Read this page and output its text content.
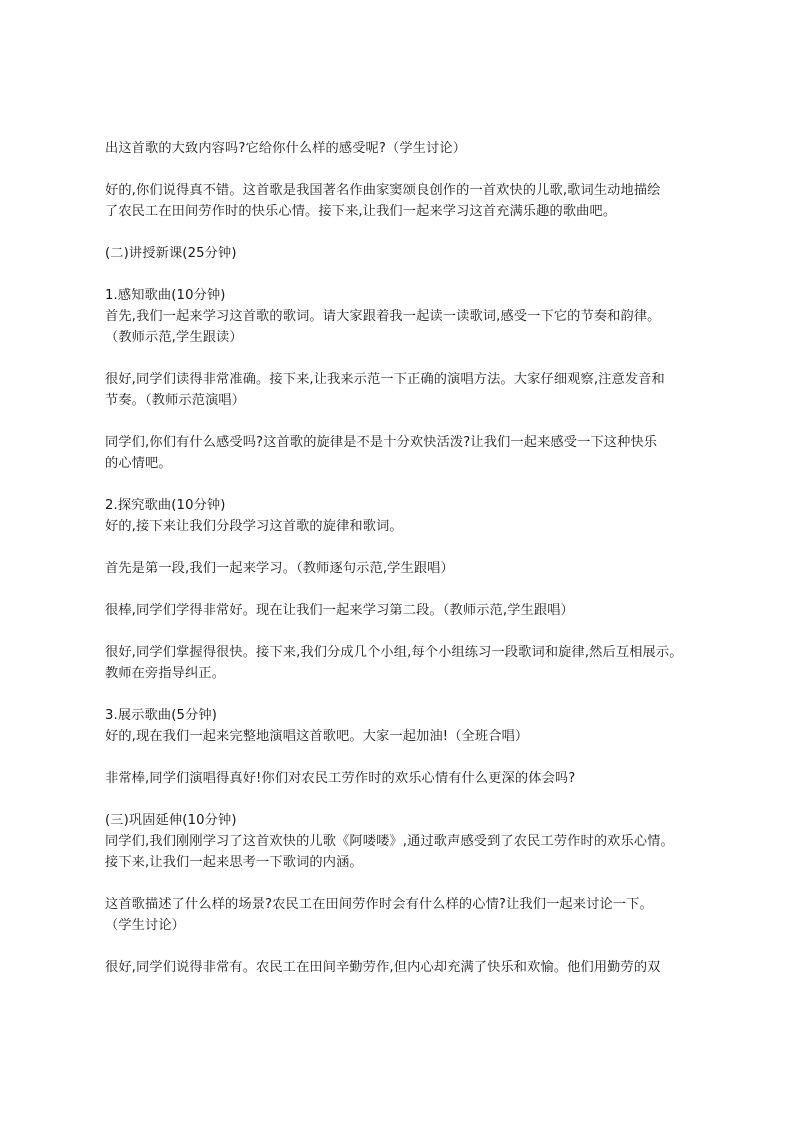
出这首歌的大致内容吗?它给你什么样的感受呢?（学生讨论）
好的,你们说得真不错。这首歌是我国著名作曲家窦颂良创作的一首欢快的儿歌,歌词生动地描绘
了农民工在田间劳作时的快乐心情。接下来,让我们一起来学习这首充满乐趣的歌曲吧。
(二)讲授新课(25分钟)
1.感知歌曲(10分钟)
首先,我们一起来学习这首歌的歌词。请大家跟着我一起读一读歌词,感受一下它的节奏和韵律。
（教师示范,学生跟读）
很好,同学们读得非常准确。接下来,让我来示范一下正确的演唱方法。大家仔细观察,注意发音和
节奏。（教师示范演唱）
同学们,你们有什么感受吗?这首歌的旋律是不是十分欢快活泼?让我们一起来感受一下这种快乐
的心情吧。
2.探究歌曲(10分钟)
好的,接下来让我们分段学习这首歌的旋律和歌词。
首先是第一段,我们一起来学习。（教师逐句示范,学生跟唱）
很棒,同学们学得非常好。现在让我们一起来学习第二段。（教师示范,学生跟唱）
很好,同学们掌握得很快。接下来,我们分成几个小组,每个小组练习一段歌词和旋律,然后互相展示。
教师在旁指导纠正。
3.展示歌曲(5分钟)
好的,现在我们一起来完整地演唱这首歌吧。大家一起加油!（全班合唱）
非常棒,同学们演唱得真好!你们对农民工劳作时的欢乐心情有什么更深的体会吗?
(三)巩固延伸(10分钟)
同学们,我们刚刚学习了这首欢快的儿歌《阿喽喽》,通过歌声感受到了农民工劳作时的欢乐心情。
接下来,让我们一起来思考一下歌词的内涵。
这首歌描述了什么样的场景?农民工在田间劳作时会有什么样的心情?让我们一起来讨论一下。
（学生讨论）
很好,同学们说得非常有。农民工在田间辛勤劳作,但内心却充满了快乐和欢愉。他们用勤劳的双
